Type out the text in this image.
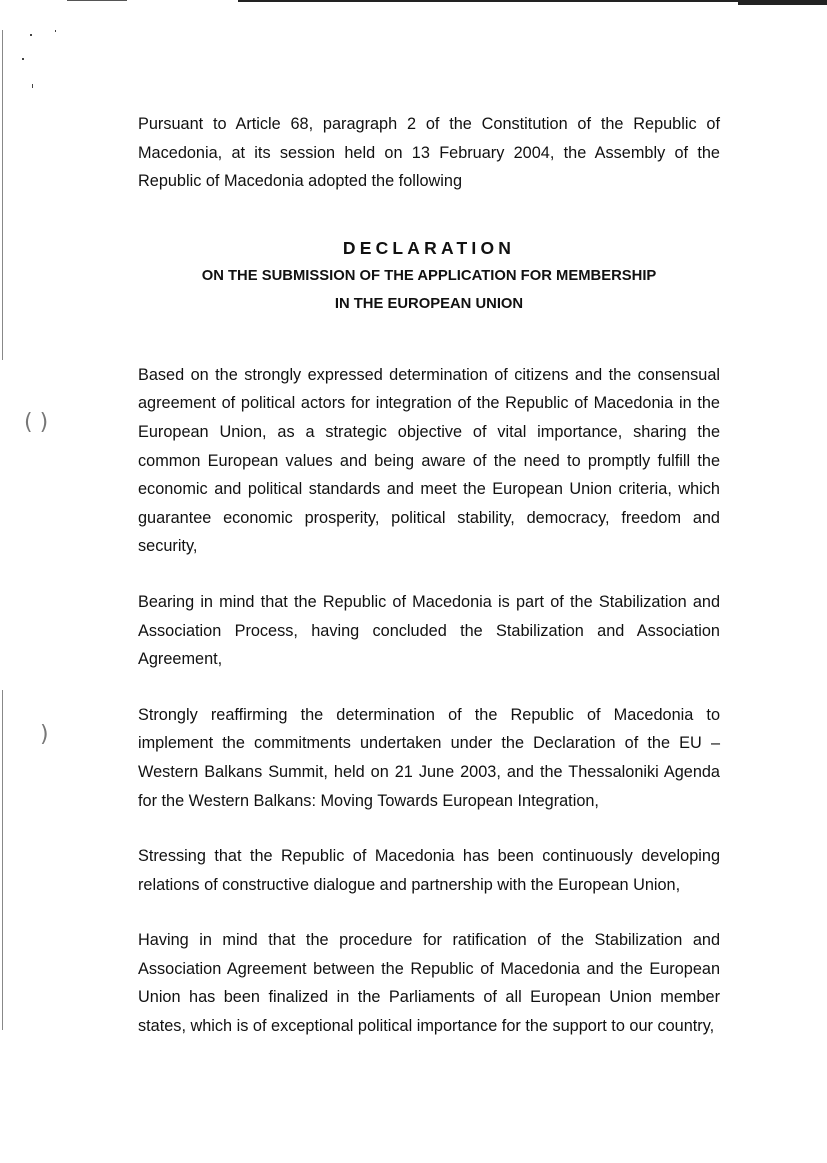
( )
)

Pursuant to Article 68, paragraph 2 of the Constitution of the Republic of Macedonia, at its session held on 13 February 2004, the Assembly of the Republic of Macedonia adopted the following

DECLARATION
ON THE SUBMISSION OF THE APPLICATION FOR MEMBERSHIP
IN THE EUROPEAN UNION

Based on the strongly expressed determination of citizens and the consensual agreement of political actors for integration of the Republic of Macedonia in the European Union, as a strategic objective of vital importance, sharing the common European values and being aware of the need to promptly fulfill the economic and political standards and meet the European Union criteria, which guarantee economic prosperity, political stability, democracy, freedom and security,

Bearing in mind that the Republic of Macedonia is part of the Stabilization and Association Process, having concluded the Stabilization and Association Agreement,

Strongly reaffirming the determination of the Republic of Macedonia to implement the commitments undertaken under the Declaration of the EU – Western Balkans Summit, held on 21 June 2003, and the Thessaloniki Agenda for the Western Balkans: Moving Towards European Integration,

Stressing that the Republic of Macedonia has been continuously developing relations of constructive dialogue and partnership with the European Union,

Having in mind that the procedure for ratification of the Stabilization and Association Agreement between the Republic of Macedonia and the European Union has been finalized in the Parliaments of all European Union member states, which is of exceptional political importance for the support to our country,
